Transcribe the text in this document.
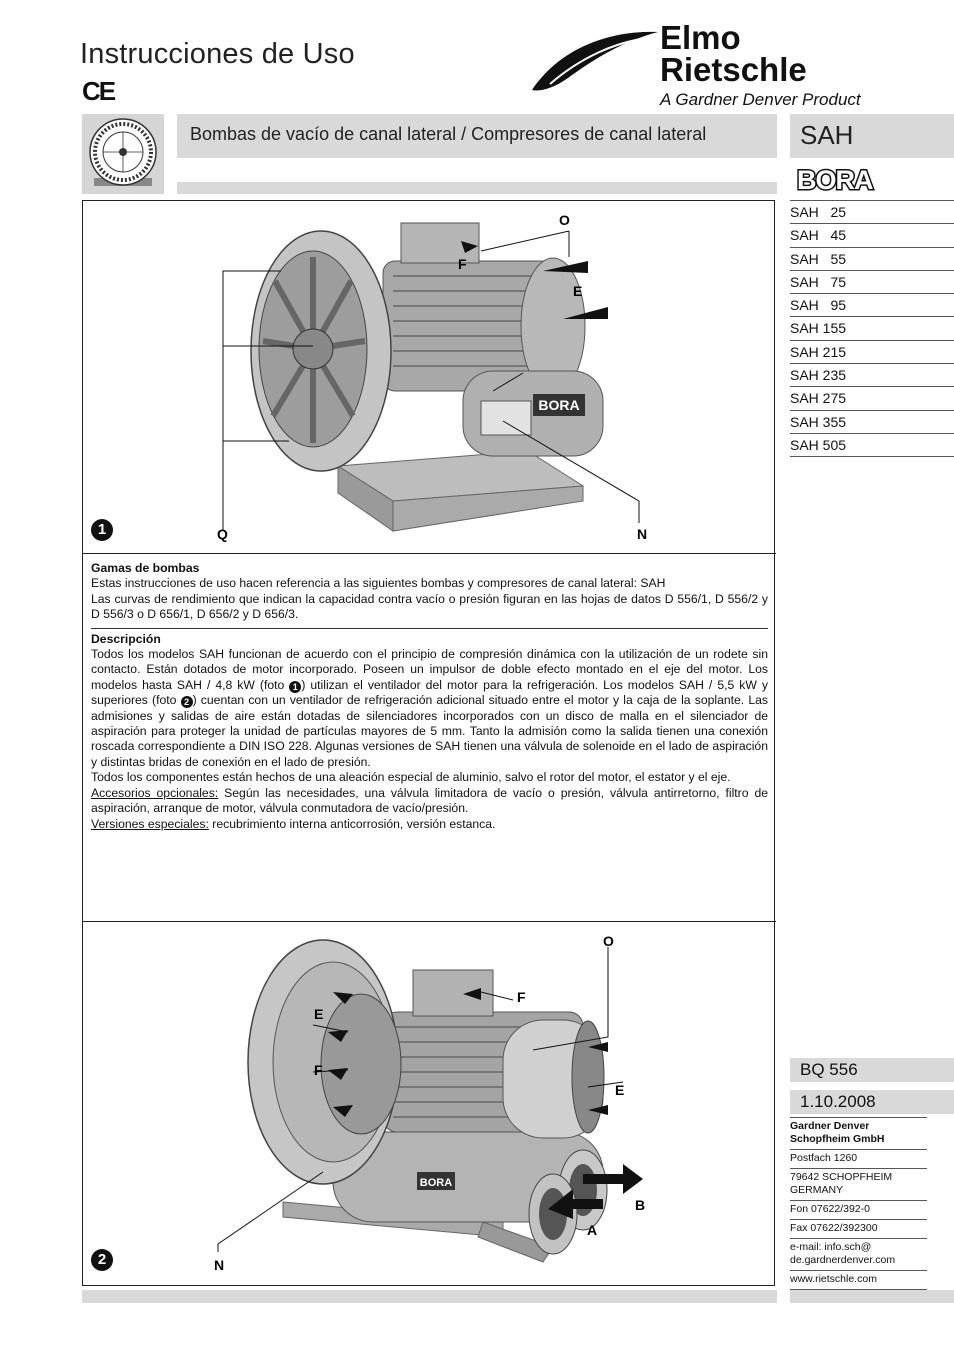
Instrucciones de Uso
CE
Elmo
Rietschle
A Gardner Denver Product
Bombas de vacío de canal lateral / Compresores de canal lateral	SAH
BORA
SAH   25
SAH   45
SAH   55
SAH   75
SAH   95
SAH 155
SAH 215
SAH 235
SAH 275
SAH 355
SAH 505
BORA
O
F
E
Q	N
1
Gamas de bombas

Estas instrucciones de uso hacen referencia a las siguientes bombas y compresores de canal lateral: SAH

Las curvas de rendimiento que indican la capacidad contra vacío o presión figuran en las hojas de datos D 556/1, D 556/2 y D 556/3 o D 656/1, D 656/2 y D 656/3.

Descripción

Todos los modelos SAH funcionan de acuerdo con el principio de compresión dinámica con la utilización de un rodete sin contacto. Están dotados de motor incorporado. Poseen un impulsor de doble efecto montado en el eje del motor. Los modelos hasta SAH / 4,8 kW (foto 1 ) utilizan el ventilador del motor para la refrigeración. Los modelos SAH / 5,5 kW y superiores (foto 2 ) cuentan con un ventilador de refrigeración adicional situado entre el motor y la caja de la soplante. Las admisiones y salidas de aire están dotadas de silenciadores incorporados con un disco de malla en el silenciador de aspiración para proteger la unidad de partículas mayores de 5 mm. Tanto la admisión como la salida tienen una conexión roscada correspondiente a DIN ISO 228. Algunas versiones de SAH tienen una válvula de solenoide en el lado de aspiración y distintas bridas de conexión en el lado de presión.

Todos los componentes están hechos de una aleación especial de aluminio, salvo el rotor del motor, el estator y el eje.

Accesorios opcionales: Según las necesidades, una válvula limitadora de vacío o presión, válvula antirretorno, filtro de aspiración, arranque de motor, válvula conmutadora de vacío/presión.

Versiones especiales: recubrimiento interna anticorrosión, versión estanca.

BORA
O
F
E
F
E
B
A
N
2
BQ 556
1.10.2008
Gardner Denver Schopfheim GmbH
Postfach 1260
79642 SCHOPFHEIM GERMANY
Fon 07622/392-0
Fax 07622/392300
e-mail: info.sch@ de.gardnerdenver.com
www.rietschle.com
